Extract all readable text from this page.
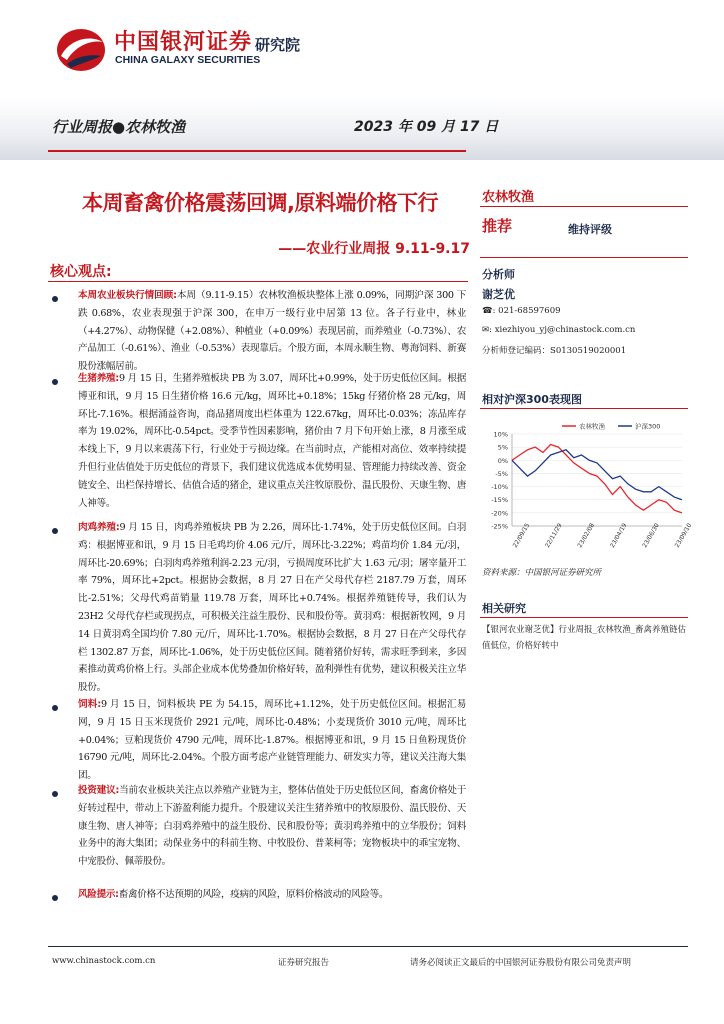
中国银河证券
CHINA GALAXY SECURITIES
研究院
行业周报●农林牧渔	2023 年 09 月 17 日
本周畜禽价格震荡回调,原料端价格下行
——农业行业周报 9.11-9.17
核心观点:
本周农业板块行情回顾:本周（9.11-9.15）农林牧渔板块整体上涨 0.09%，同期沪深 300 下跌 0.68%，农业表现强于沪深 300，在申万一级行业中居第 13 位。各子行业中，林业（+4.27%）、动物保健（+2.08%）、种植业（+0.09%）表现居前，而养殖业（-0.73%）、农产品加工（-0.61%）、渔业（-0.53%）表现靠后。个股方面，本周永顺生物、粤海饲料、新赛股份涨幅居前。
生猪养殖:9 月 15 日，生猪养殖板块 PB 为 3.07，周环比+0.99%，处于历史低位区间。根据博亚和讯，9 月 15 日生猪价格 16.6 元/kg，周环比+0.18%；15kg 仔猪价格 28 元/kg，周环比-7.16%。根据涌益咨询，商品猪周度出栏体重为 122.67kg，周环比-0.03%；冻品库存率为 19.02%，周环比-0.54pct。受季节性因素影响，猪价由 7 月下旬开始上涨，8 月涨至成本线上下，9 月以来震荡下行，行业处于亏损边缘。在当前时点，产能相对高位、效率持续提升但行业估值处于历史低位的背景下，我们建议优选成本优势明显、管理能力持续改善、资金链安全、出栏保持增长、估值合适的猪企，建议重点关注牧原股份、温氏股份、天康生物、唐人神等。
肉鸡养殖:9 月 15 日，肉鸡养殖板块 PB 为 2.26，周环比-1.74%，处于历史低位区间。白羽鸡：根据博亚和讯，9 月 15 日毛鸡均价 4.06 元/斤，周环比-3.22%；鸡苗均价 1.84 元/羽，周环比-20.69%；白羽肉鸡养殖利润-2.23 元/羽，亏损周度环比扩大 1.63 元/羽；屠宰量开工率 79%，周环比+2pct。根据协会数据，8 月 27 日在产父母代存栏 2187.79 万套，周环比-2.51%；父母代鸡苗销量 119.78 万套，周环比+0.74%。根据养殖链传导，我们认为 23H2 父母代存栏或现拐点，可积极关注益生股份、民和股份等。黄羽鸡：根据新牧网，9 月 14 日黄羽鸡全国均价 7.80 元/斤，周环比-1.70%。根据协会数据，8 月 27 日在产父母代存栏 1302.87 万套，周环比-1.06%，处于历史低位区间。随着猪价好转，需求旺季到来，多因素推动黄鸡价格上行。头部企业成本优势叠加价格好转，盈利弹性有优势，建议积极关注立华股份。
饲料:9 月 15 日，饲料板块 PE 为 54.15，周环比+1.12%，处于历史低位区间。根据汇易网，9 月 15 日玉米现货价 2921 元/吨，周环比-0.48%；小麦现货价 3010 元/吨，周环比+0.04%；豆粕现货价 4790 元/吨，周环比-1.87%。根据博亚和讯，9 月 15 日鱼粉现货价 16790 元/吨，周环比-2.04%。个股方面考虑产业链管理能力、研发实力等，建议关注海大集团。
投资建议:当前农业板块关注点以养殖产业链为主，整体估值处于历史低位区间，畜禽价格处于好转过程中，带动上下游盈利能力提升。个股建议关注生猪养殖中的牧原股份、温氏股份、天康生物、唐人神等；白羽鸡养殖中的益生股份、民和股份等；黄羽鸡养殖中的立华股份；饲料业务中的海大集团；动保业务中的科前生物、中牧股份、普莱柯等；宠物板块中的乖宝宠物、中宠股份、佩蒂股份。
风险提示:畜禽价格不达预期的风险，疫病的风险，原料价格波动的风险等。
农林牧渔
推荐	维持评级
分析师
谢芝优
☎: 021-68597609
✉: xiezhiyou_yj@chinastock.com.cn
分析师登记编码：S0130519020001
相对沪深300表现图
10%
5%
0%
-5%
-10%
-15%
-20%
-25% 22/09/15 22/11/29 23/02/08 23/04/19 23/06/30 23/09/10
农林牧渔	沪深300
资料来源：中国银河证券研究所
相关研究
【银河农业谢芝优】行业周报_农林牧渔_畜禽养殖链估值低位，价格好转中
www.chinastock.com.cn	证券研究报告	请务必阅读正文最后的中国银河证券股份有限公司免责声明
